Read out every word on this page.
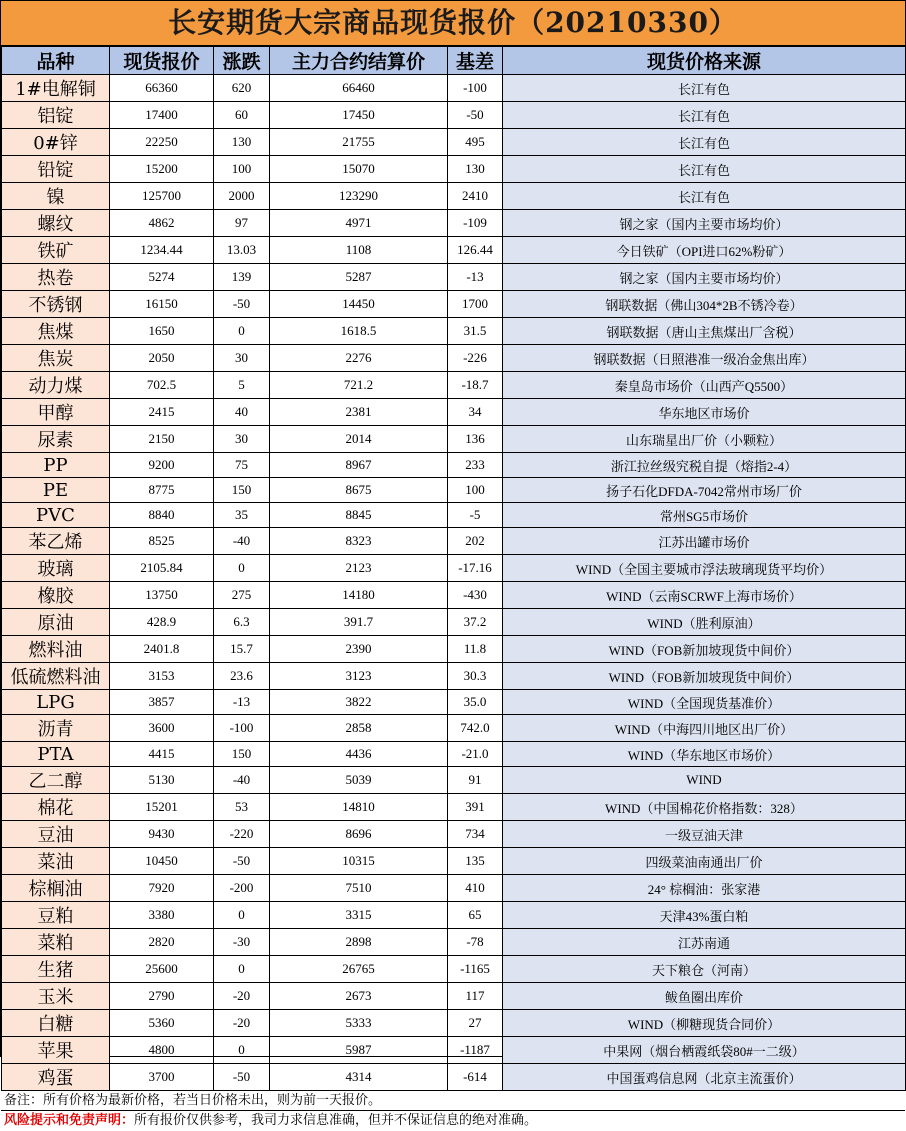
长安期货大宗商品现货报价（20210330）
品种	现货报价	涨跌	主力合约结算价	基差	现货价格来源
1#电解铜	66360	620	66460	-100	长江有色
铝锭	17400	60	17450	-50	长江有色
0#锌	22250	130	21755	495	长江有色
铅锭	15200	100	15070	130	长江有色
镍	125700	2000	123290	2410	长江有色
螺纹	4862	97	4971	-109	钢之家（国内主要市场均价）
铁矿	1234.44	13.03	1108	126.44	今日铁矿（OPI进口62%粉矿）
热卷	5274	139	5287	-13	钢之家（国内主要市场均价）
不锈钢	16150	-50	14450	1700	钢联数据（佛山304*2B不锈冷卷）
焦煤	1650	0	1618.5	31.5	钢联数据（唐山主焦煤出厂含税）
焦炭	2050	30	2276	-226	钢联数据（日照港准一级冶金焦出库）
动力煤	702.5	5	721.2	-18.7	秦皇岛市场价（山西产Q5500）
甲醇	2415	40	2381	34	华东地区市场价
尿素	2150	30	2014	136	山东瑞星出厂价（小颗粒）
PP	9200	75	8967	233	浙江拉丝级究税自提（熔指2-4）
PE	8775	150	8675	100	扬子石化DFDA-7042常州市场厂价
PVC	8840	35	8845	-5	常州SG5市场价
苯乙烯	8525	-40	8323	202	江苏出罐市场价
玻璃	2105.84	0	2123	-17.16	WIND（全国主要城市浮法玻璃现货平均价）
橡胶	13750	275	14180	-430	WIND（云南SCRWF上海市场价）
原油	428.9	6.3	391.7	37.2	WIND（胜利原油）
燃料油	2401.8	15.7	2390	11.8	WIND（FOB新加坡现货中间价）
低硫燃料油	3153	23.6	3123	30.3	WIND（FOB新加坡现货中间价）
LPG	3857	-13	3822	35.0	WIND（全国现货基准价）
沥青	3600	-100	2858	742.0	WIND（中海四川地区出厂价）
PTA	4415	150	4436	-21.0	WIND（华东地区市场价）
乙二醇	5130	-40	5039	91	WIND
棉花	15201	53	14810	391	WIND（中国棉花价格指数：328）
豆油	9430	-220	8696	734	一级豆油天津
菜油	10450	-50	10315	135	四级菜油南通出厂价
棕榈油	7920	-200	7510	410	24° 棕榈油：张家港
豆粕	3380	0	3315	65	天津43%蛋白粕
菜粕	2820	-30	2898	-78	江苏南通
生猪	25600	0	26765	-1165	天下粮仓（河南）
玉米	2790	-20	2673	117	鲅鱼圈出库价
白糖	5360	-20	5333	27	WIND（柳糖现货合同价）
苹果	4800	0	5987	-1187	中果网（烟台栖霞纸袋80#一二级）
鸡蛋	3700	-50	4314	-614	中国蛋鸡信息网（北京主流蛋价）
备注：所有价格为最新价格，若当日价格未出，则为前一天报价。
风险提示和免责声明：所有报价仅供参考，我司力求信息准确，但并不保证信息的绝对准确。
